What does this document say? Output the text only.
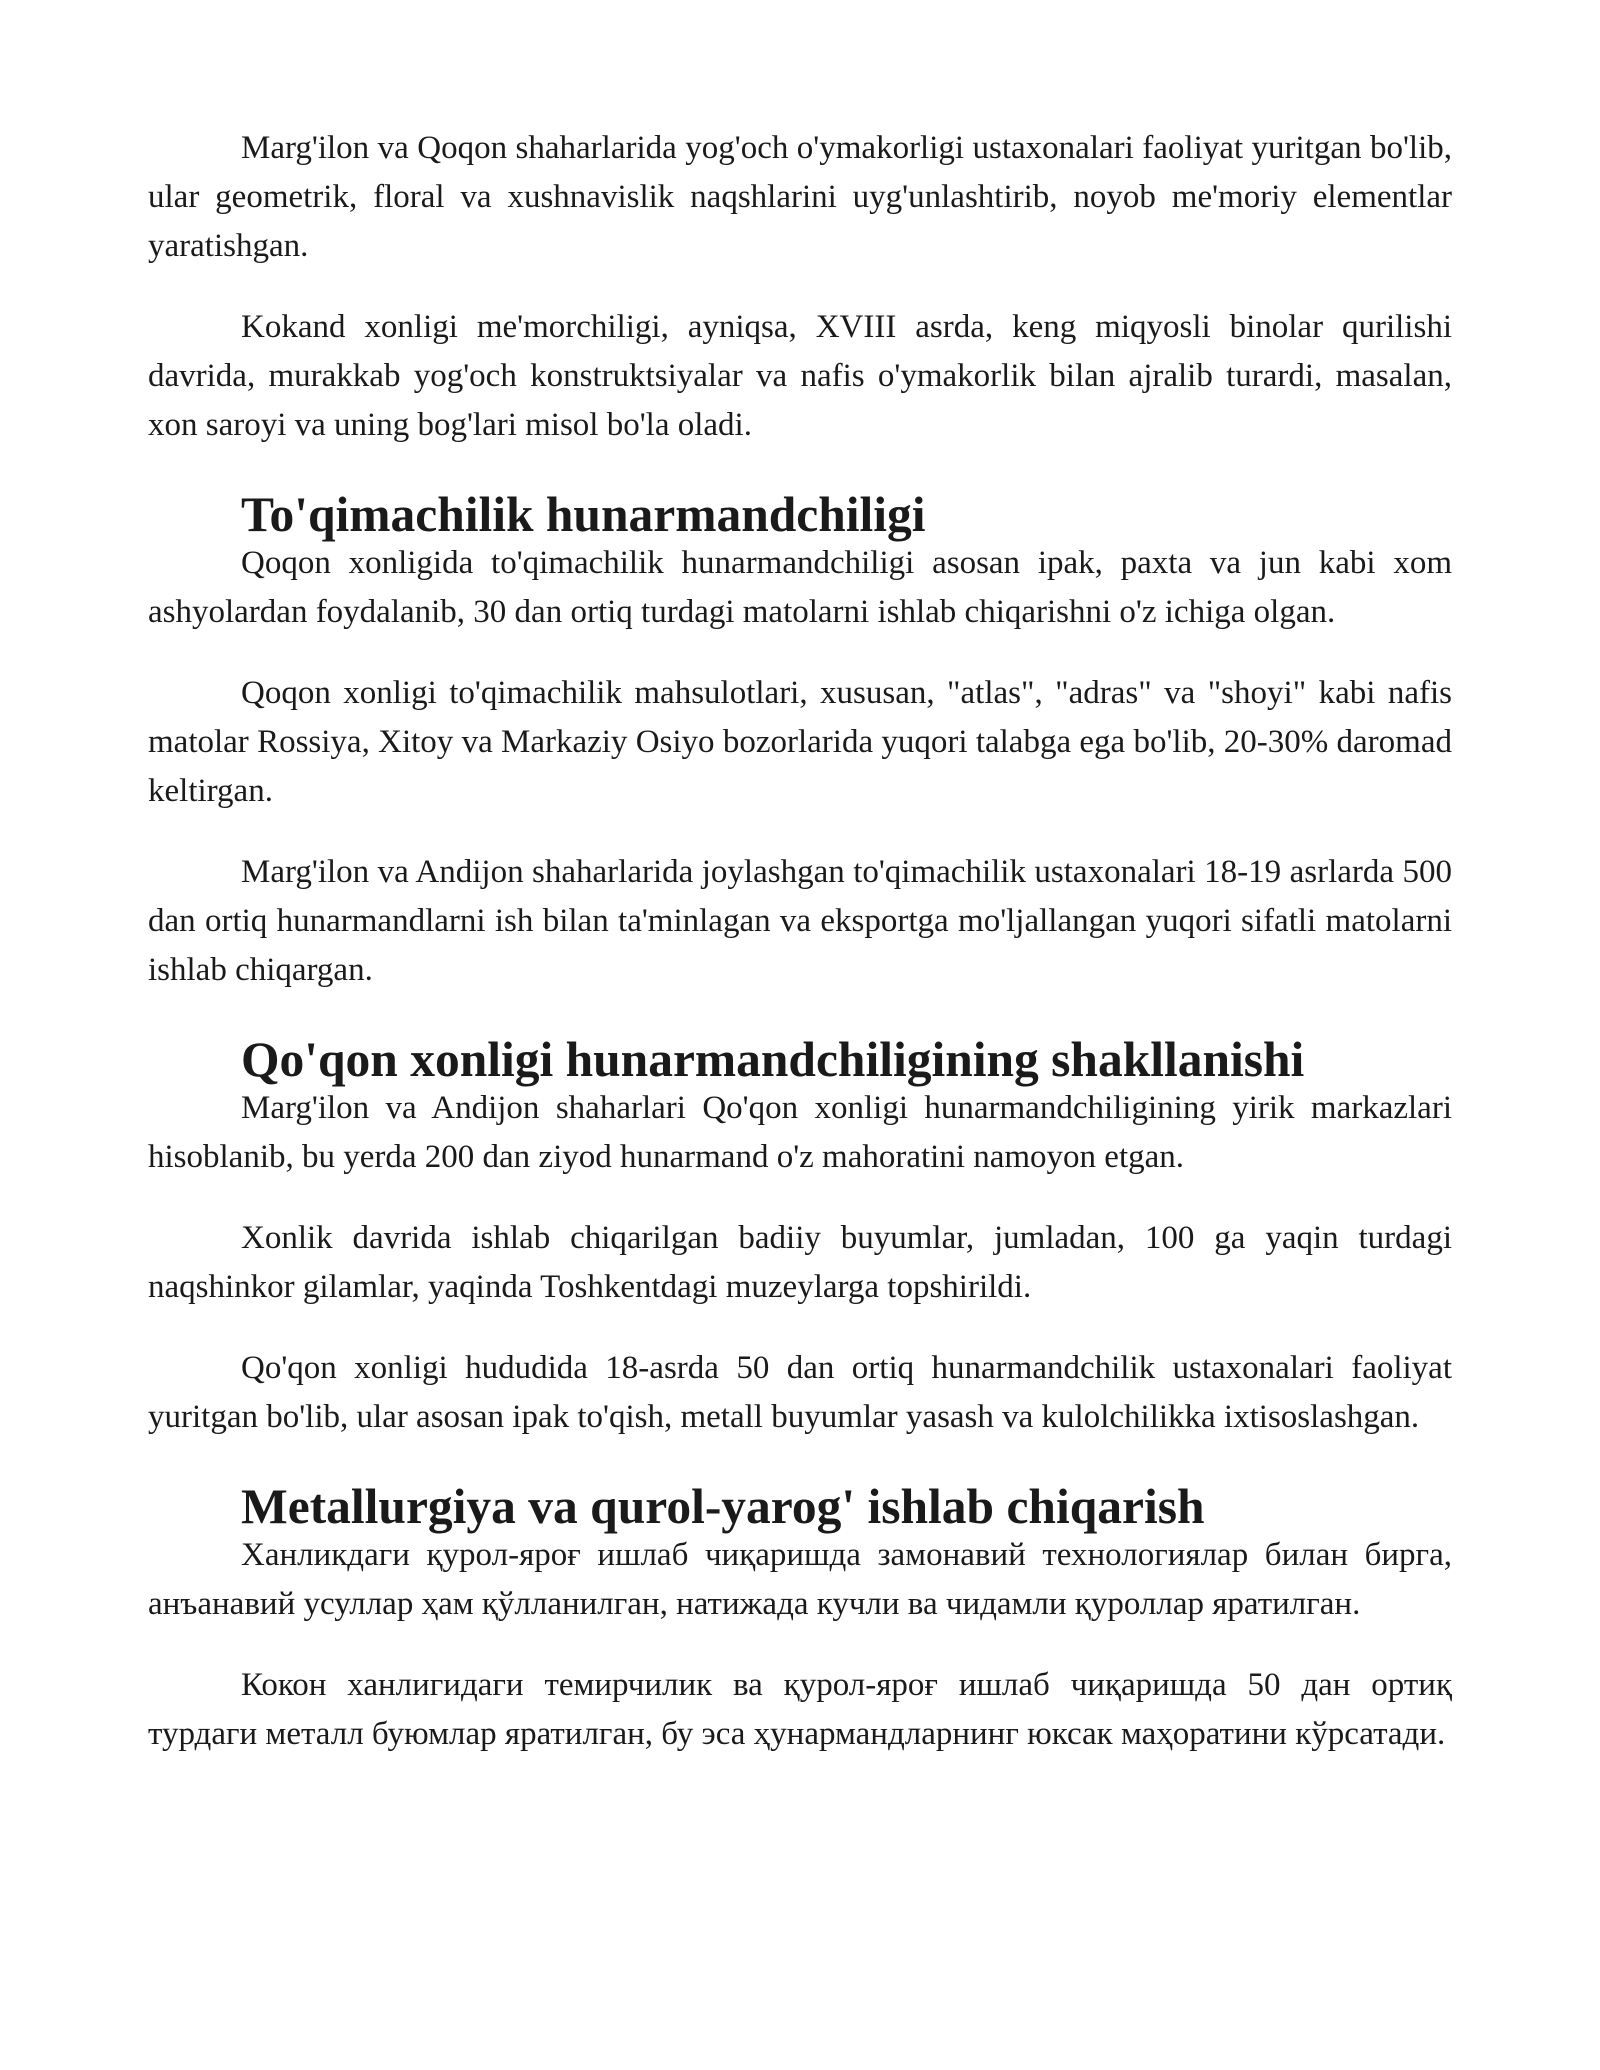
Marg'ilon va Qoqon shaharlarida yog'och o'ymakorligi ustaxonalari faoliyat yuritgan bo'lib, ular geometrik, floral va xushnavislik naqshlarini uyg'unlashtirib, noyob me'moriy elementlar yaratishgan.

Kokand xonligi me'morchiligi, ayniqsa, XVIII asrda, keng miqyosli binolar qurilishi davrida, murakkab yog'och konstruktsiyalar va nafis o'ymakorlik bilan ajralib turardi, masalan, xon saroyi va uning bog'lari misol bo'la oladi.

To'qimachilik hunarmandchiligi

Qoqon xonligida to'qimachilik hunarmandchiligi asosan ipak, paxta va jun kabi xom ashyolardan foydalanib, 30 dan ortiq turdagi matolarni ishlab chiqarishni o'z ichiga olgan.

Qoqon xonligi to'qimachilik mahsulotlari, xususan, "atlas", "adras" va "shoyi" kabi nafis matolar Rossiya, Xitoy va Markaziy Osiyo bozorlarida yuqori talabga ega bo'lib, 20-30% daromad keltirgan.

Marg'ilon va Andijon shaharlarida joylashgan to'qimachilik ustaxonalari 18-19 asrlarda 500 dan ortiq hunarmandlarni ish bilan ta'minlagan va eksportga mo'ljallangan yuqori sifatli matolarni ishlab chiqargan.

Qo'qon xonligi hunarmandchiligining shakllanishi

Marg'ilon va Andijon shaharlari Qo'qon xonligi hunarmandchiligining yirik markazlari hisoblanib, bu yerda 200 dan ziyod hunarmand o'z mahoratini namoyon etgan.

Xonlik davrida ishlab chiqarilgan badiiy buyumlar, jumladan, 100 ga yaqin turdagi naqshinkor gilamlar, yaqinda Toshkentdagi muzeylarga topshirildi.

Qo'qon xonligi hududida 18-asrda 50 dan ortiq hunarmandchilik ustaxonalari faoliyat yuritgan bo'lib, ular asosan ipak to'qish, metall buyumlar yasash va kulolchilikka ixtisoslashgan.

Metallurgiya va qurol-yarog' ishlab chiqarish

Ханликдаги қурол-яроғ ишлаб чиқаришда замонавий технологиялар билан бирга, анъанавий усуллар ҳам қўлланилган, натижада кучли ва чидамли қуроллар яратилган.

Кокон ханлигидаги темирчилик ва қурол-яроғ ишлаб чиқаришда 50 дан ортиқ турдаги металл буюмлар яратилган, бу эса ҳунармандларнинг юксак маҳоратини кўрсатади.
